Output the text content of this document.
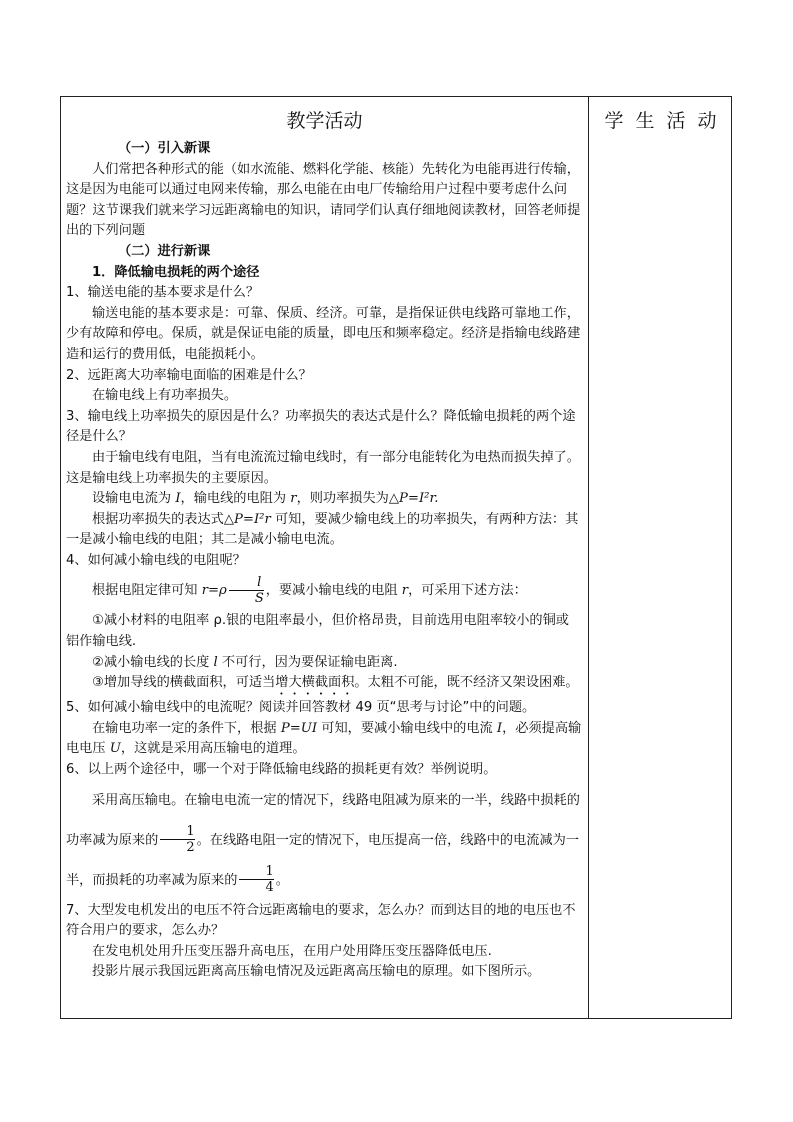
教学活动

（一）引入新课

人们常把各种形式的能（如水流能、燃料化学能、核能）先转化为电能再进行传输，这是因为电能可以通过电网来传输，那么电能在由电厂传输给用户过程中要考虑什么问题？这节课我们就来学习远距离输电的知识，请同学们认真仔细地阅读教材，回答老师提出的下列问题

（二）进行新课

1．降低输电损耗的两个途径

1、输送电能的基本要求是什么？

输送电能的基本要求是：可靠、保质、经济。可靠，是指保证供电线路可靠地工作，少有故障和停电。保质，就是保证电能的质量，即电压和频率稳定。经济是指输电线路建造和运行的费用低，电能损耗小。

2、远距离大功率输电面临的困难是什么？

在输电线上有功率损失。

3、输电线上功率损失的原因是什么？功率损失的表达式是什么？降低输电损耗的两个途径是什么？

由于输电线有电阻，当有电流流过输电线时，有一部分电能转化为电热而损失掉了。这是输电线上功率损失的主要原因。

设输电电流为 I，输电线的电阻为 r，则功率损失为△P=I²r.

根据功率损失的表达式△P=I²r 可知，要减少输电线上的功率损失，有两种方法：其一是减小输电线的电阻；其二是减小输电电流。

4、如何减小输电线的电阻呢？

根据电阻定律可知 $r=\rho \frac{l}{S}$ ，要减小输电线的电阻 r，可采用下述方法：

①减小材料的电阻率 ρ.银的电阻率最小，但价格昂贵，目前选用电阻率较小的铜或铝作输电线.

②减小输电线的长度 l 不可行，因为要保证输电距离.

③增加导线的横截面积，可适当增大横截面积。太粗不可能，既不经济又架设困难。

5、如何减小输电线中的电流呢？阅读并回答教材 49 页“思考与讨论”中的问题。

在输电功率一定的条件下，根据 P=UI 可知，要减小输电线中的电流 I，必须提高输电电压 U，这就是采用高压输电的道理。

6、以上两个途径中，哪一个对于降低输电线路的损耗更有效？举例说明。

采用高压输电。在输电电流一定的情况下，线路电阻减为原来的一半，线路中损耗的功率减为原来的 $\frac{1}{2}$ 。在线路电阻一定的情况下，电压提高一倍，线路中的电流减为一半，而损耗的功率减为原来的 $\frac{1}{4}$ 。

7、大型发电机发出的电压不符合远距离输电的要求，怎么办？而到达目的地的电压也不符合用户的要求，怎么办？

在发电机处用升压变压器升高电压，在用户处用降压变压器降低电压.

投影片展示我国远距离高压输电情况及远距离高压输电的原理。如下图所示。

学生活动
